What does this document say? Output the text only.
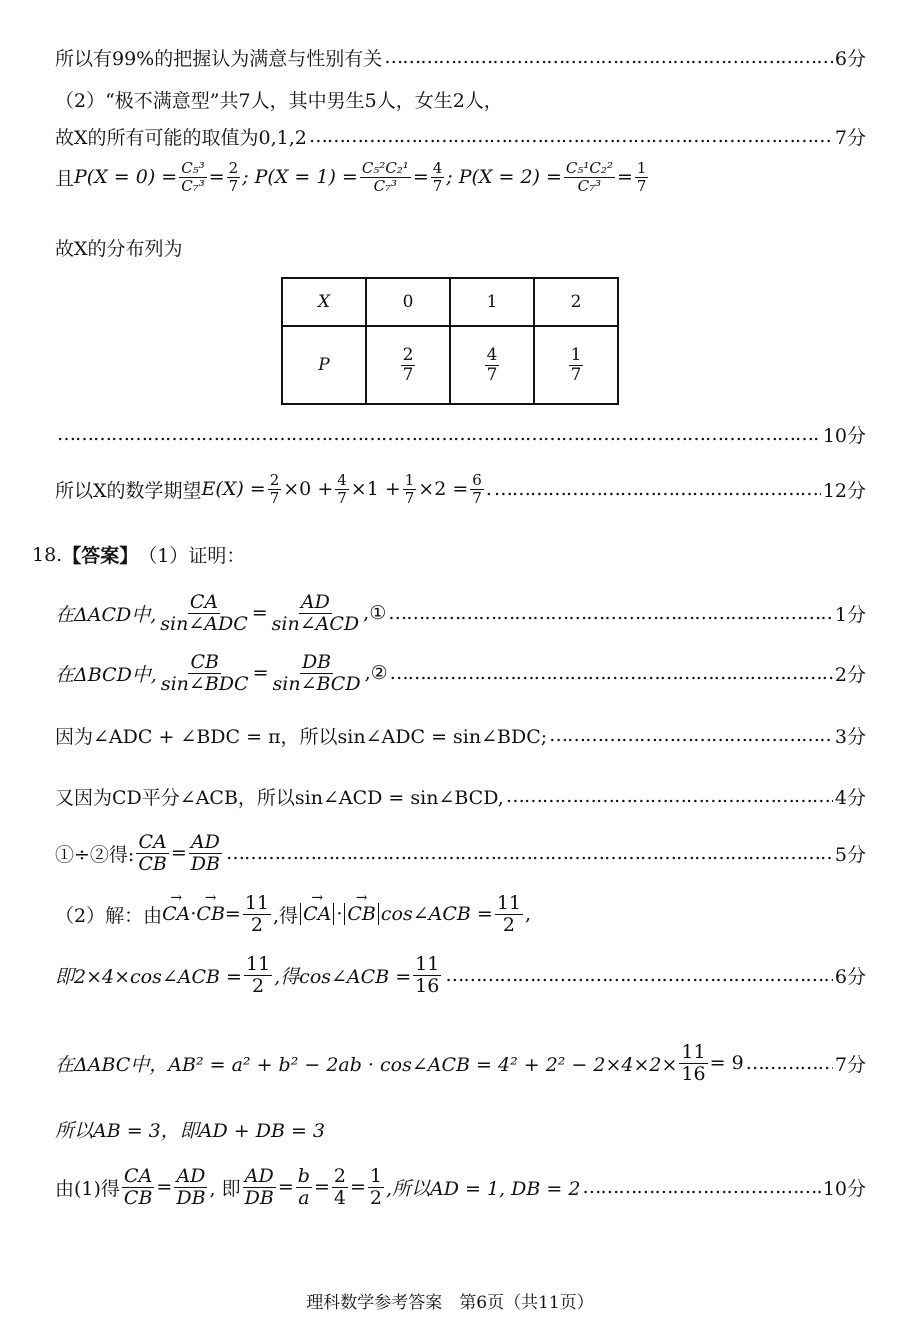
所以有99%的把握认为满意与性别有关 ………………………………………………………………………………………………………………………………………………………………………………………………………………………………………………………………………………………………	6分
（2）“极不满意型”共7人，其中男生5人，女生2人，
故X的所有可能的取值为0,1,2 ………………………………………………………………………………………………………………………………………………………………………………………………………………………………………………………………………………………………	7分
且 $P(X = 0) = \frac{\text{C₅³}}{\text{C₇³}} = \frac{2}{7}$ ; $P(X = 1) = \frac{\text{C₅²C₂¹}}{\text{C₇³}} = \frac{4}{7}$ ; $P(X = 2) = \frac{\text{C₅¹C₂²}}{\text{C₇³}} = \frac{1}{7}$
故X的分布列为
X	0	1	2
P	$\frac{2}{7}$	$\frac{4}{7}$	$\frac{1}{7}$
………………………………………………………………………………………………………………………………………………………………………………………………………………………………………………………………………………………………
10分
所以X的数学期望 $E(X) = \frac{2}{7} \times 0 + \frac{4}{7} \times 1 + \frac{1}{7} \times 2 = \frac{6}{7}$ . ………………………………………………………………………………………………………………………………………………………………………………………………………………………………………………………………………………………………	12分
18. 【答案】 （1）证明：
在ΔACD中, $\frac{CA}{\text{sin∠ADC}} = \frac{AD}{\text{sin∠ACD}}$ ,① ………………………………………………………………………………………………………………………………………………………………………………………………………………………………………………………………………………………………	1分
在ΔBCD中, $\frac{CB}{\text{sin∠BDC}} = \frac{DB}{\text{sin∠BCD}}$ ,② ………………………………………………………………………………………………………………………………………………………………………………………………………………………………………………………………………………………………	2分
因为∠ADC + ∠BDC = π，所以sin∠ADC = sin∠BDC; ………………………………………………………………………………………………………………………………………………………………………………………………………………………………………………………………………………………………	3分
又因为CD平分∠ACB，所以sin∠ACD = sin∠BCD, ………………………………………………………………………………………………………………………………………………………………………………………………………………………………………………………………………………………………	4分
①÷②得: $\frac{CA}{CB} = \frac{AD}{DB}$ ………………………………………………………………………………………………………………………………………………………………………………………………………………………………………………………………………………………………	5分
（2）解：由 → CA · → CB = $\frac{11}{2}$ ,得 → CA · → CB cos∠ACB = $\frac{11}{2}$ ,
即2×4×cos∠ACB = $\frac{11}{2}$ ,得cos∠ACB = $\frac{11}{16}$ ………………………………………………………………………………………………………………………………………………………………………………………………………………………………………………………………………………………………	6分
在ΔABC中，AB² = a² + b² − 2ab · cos∠ACB = $4^2 + 2^2 - 2\times 4\times 2\times \frac{11}{16} = 9$ ………………………………………………………………………………………………………………………………………………………………………………………………………………………………………………………………………………………………	7分
所以AB = 3，即AD + DB = 3
由(1)得 $\frac{CA}{CB} = \frac{AD}{DB}$ , 即 $\frac{AD}{DB} = \frac{b}{a} = \frac{2}{4} = \frac{1}{2}$ ,所以AD = 1, DB = 2 ………………………………………………………………………………………………………………………………………………………………………………………………………………………………………………………………………………………………	10分
理科数学参考答案　第6页（共11页）
